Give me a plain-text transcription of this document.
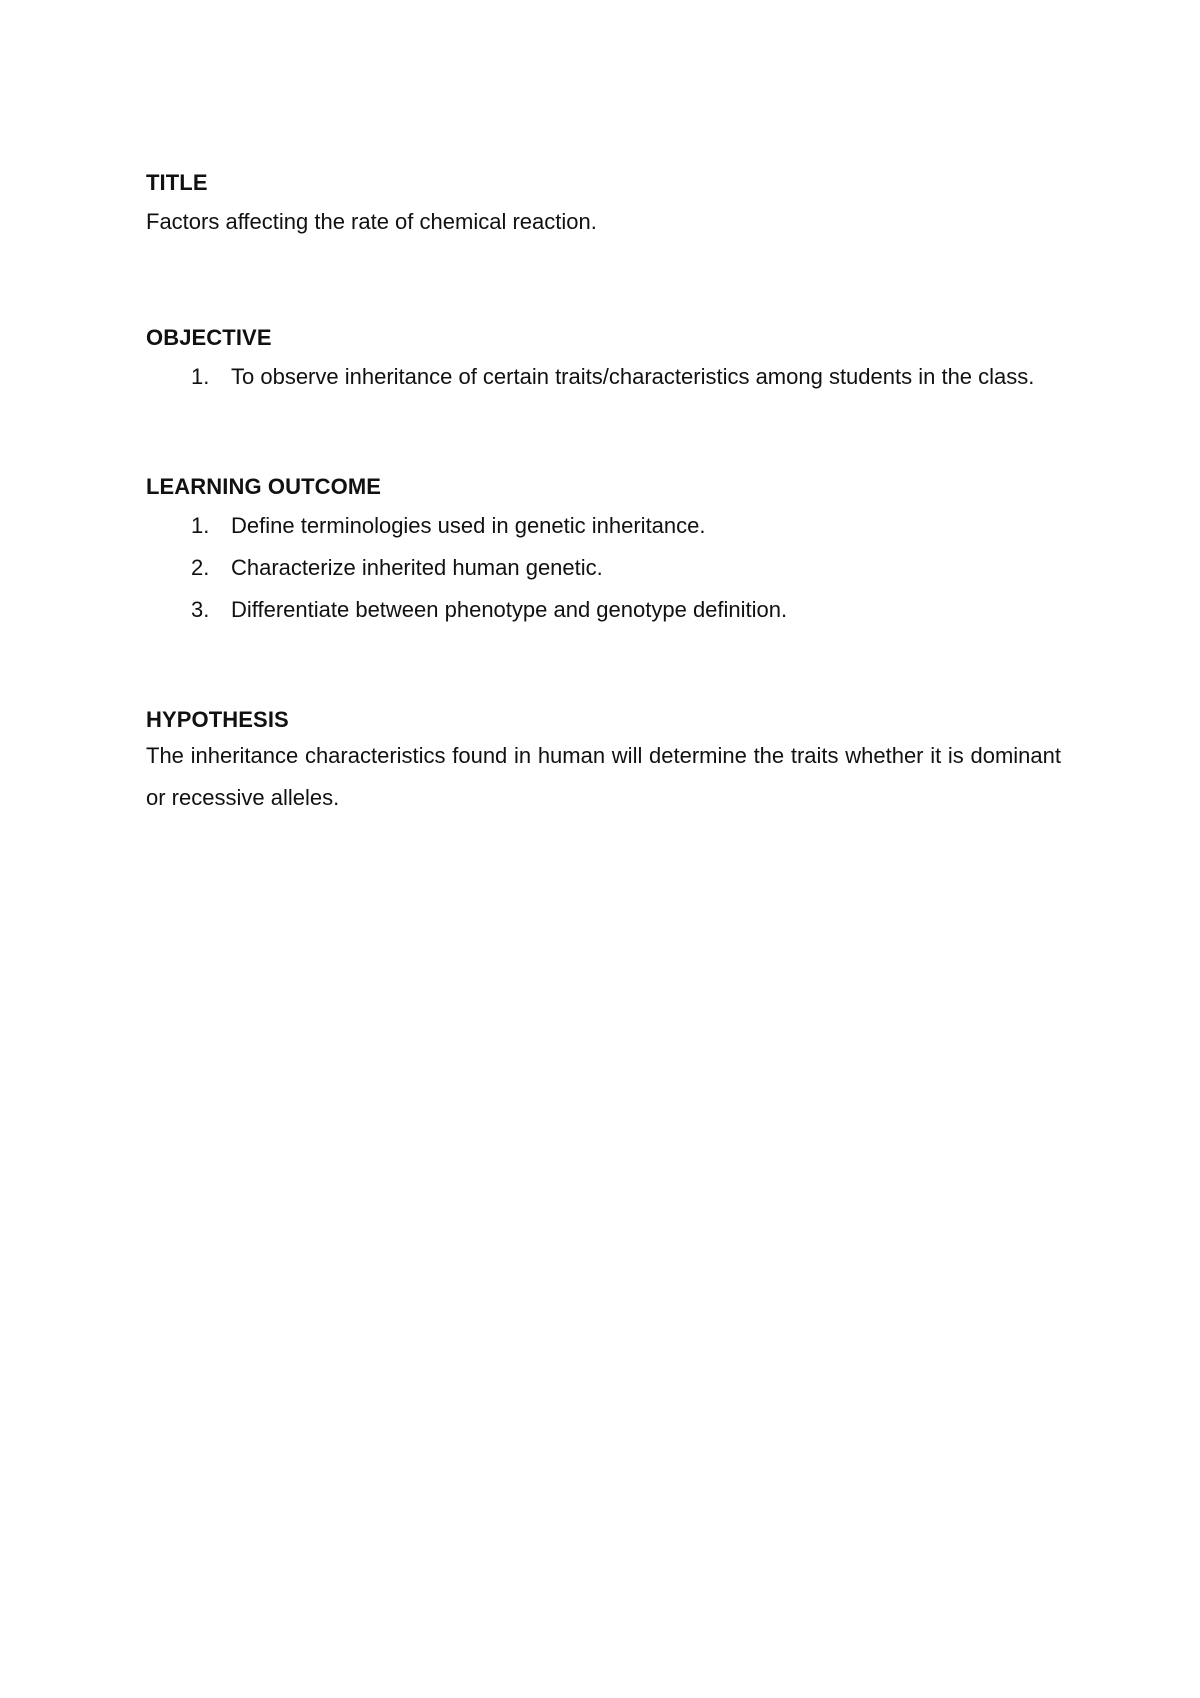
TITLE
Factors affecting the rate of chemical reaction.
OBJECTIVE
1. To observe inheritance of certain traits/characteristics among students in the class.
LEARNING OUTCOME
1. Define terminologies used in genetic inheritance.
2. Characterize inherited human genetic.
3. Differentiate between phenotype and genotype definition.
HYPOTHESIS
The inheritance characteristics found in human will determine the traits whether it is dominant or recessive alleles.
